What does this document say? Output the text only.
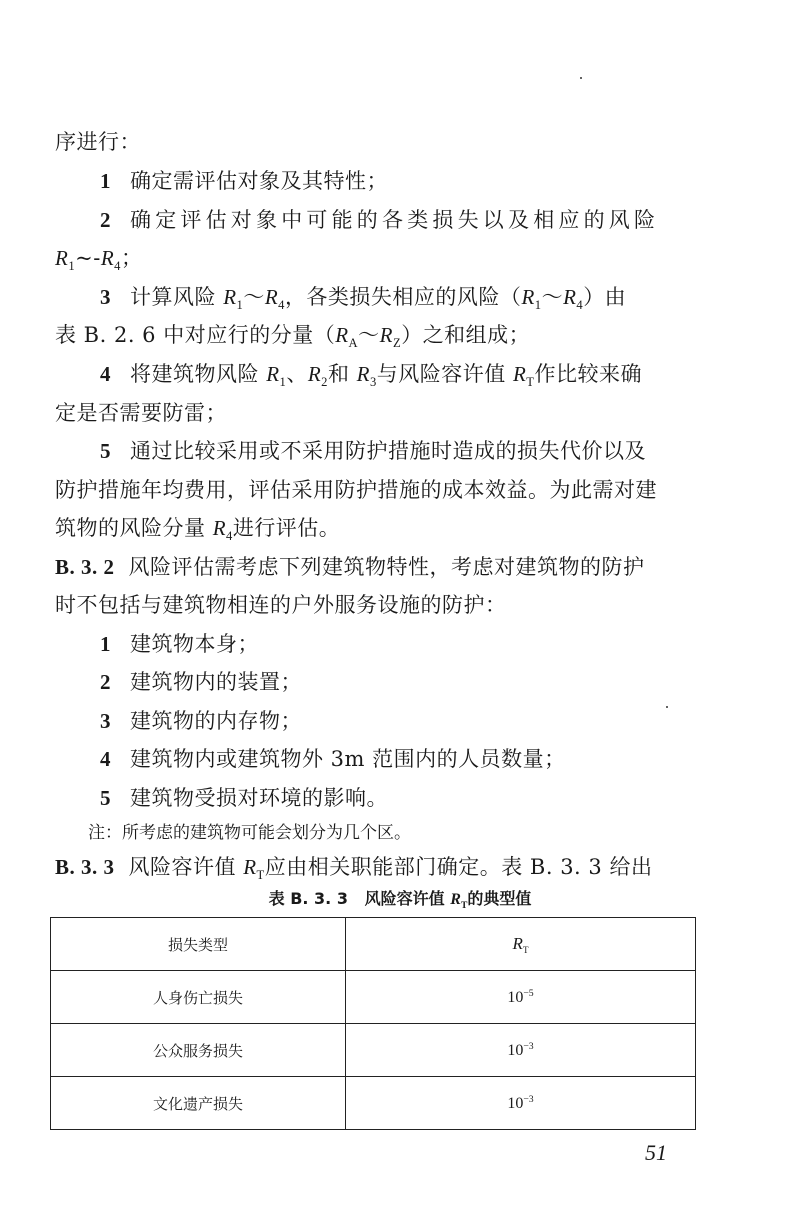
序进行：
1 确定需评估对象及其特性；
2 确定评估对象中可能的各类损失以及相应的风险
$R_1\sim-R_4$；
3 计算风险 $R_1\sim R_4$，各类损失相应的风险$(R_1\sim R_4)$由
表 B. 2. 6 中对应行的分量$(R_A\sim R_Z)$之和组成；
4 将建筑物风险 $R_1$、$R_2$和 $R_3$与风险容许值 $R_T$作比较来确
定是否需要防雷；
5 通过比较采用或不采用防护措施时造成的损失代价以及
防护措施年均费用，评估采用防护措施的成本效益。为此需对建
筑物的风险分量 $R_4$进行评估。
B. 3. 2 风险评估需考虑下列建筑物特性，考虑对建筑物的防护
时不包括与建筑物相连的户外服务设施的防护：
1 建筑物本身；
2 建筑物内的装置；
3 建筑物的内存物；
4 建筑物内或建筑物外 3m 范围内的人员数量；
5 建筑物受损对环境的影响。
注：所考虑的建筑物可能会划分为几个区。
B. 3. 3 风险容许值 $R_T$应由相关职能部门确定。表 B. 3. 3 给出
表 B. 3. 3   风险容许值 $R_T$的典型值
损失类型	$R_T$
人身伤亡损失	$10^{-5}$
公众服务损失	$10^{-3}$
文化遗产损失	$10^{-3}$
51
